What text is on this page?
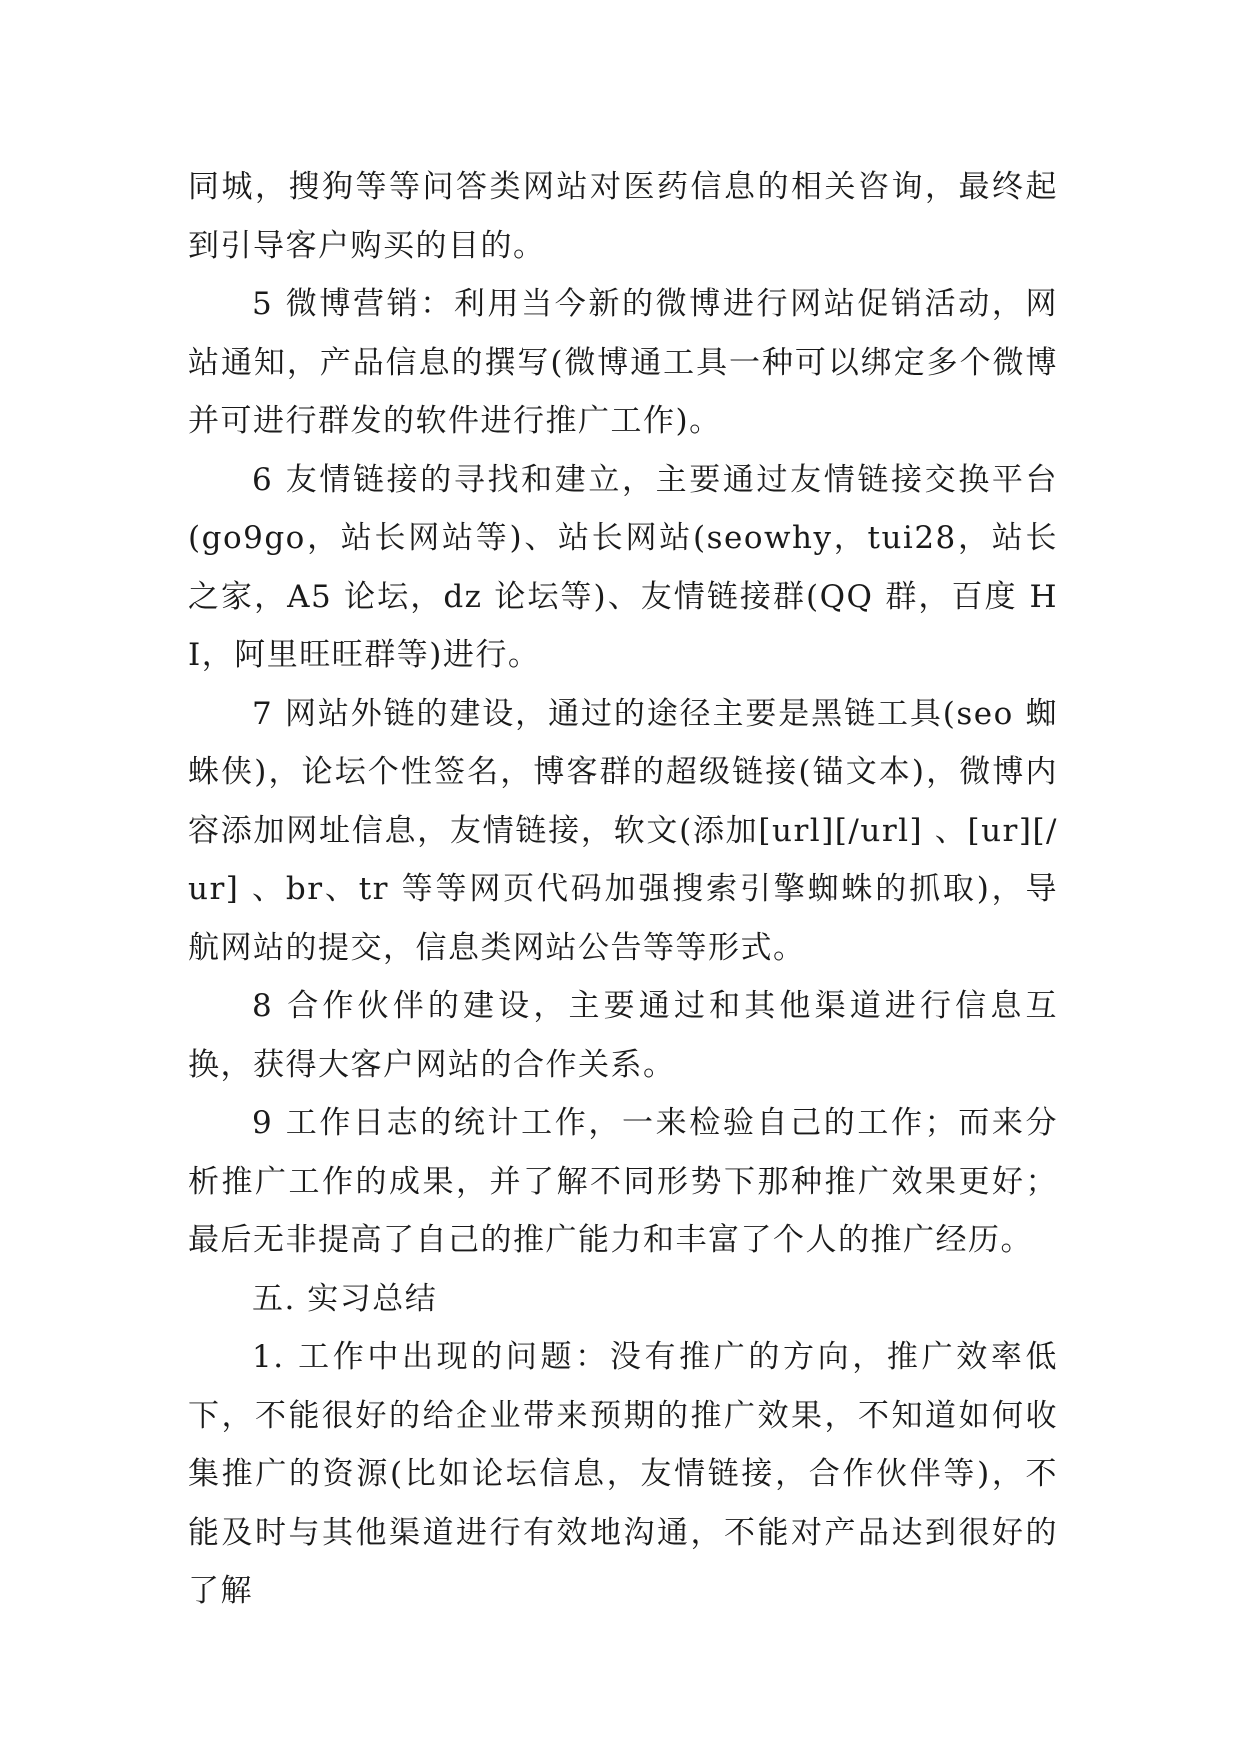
同城，搜狗等等问答类网站对医药信息的相关咨询，最终起到引导客户购买的目的。

5 微博营销：利用当今新的微博进行网站促销活动，网站通知，产品信息的撰写(微博通工具一种可以绑定多个微博并可进行群发的软件进行推广工作)。

6 友情链接的寻找和建立，主要通过友情链接交换平台(go9go，站长网站等)、站长网站(seowhy，tui28，站长之家，A5 论坛，dz 论坛等)、友情链接群(QQ 群，百度 HI，阿里旺旺群等)进行。

7 网站外链的建设，通过的途径主要是黑链工具(seo 蜘蛛侠)，论坛个性签名，博客群的超级链接(锚文本)，微博内容添加网址信息，友情链接，软文(添加[url][/url] 、[ur][/ur] 、br、tr 等等网页代码加强搜索引擎蜘蛛的抓取)，导航网站的提交，信息类网站公告等等形式。

8 合作伙伴的建设，主要通过和其他渠道进行信息互换，获得大客户网站的合作关系。

9 工作日志的统计工作，一来检验自己的工作；而来分析推广工作的成果，并了解不同形势下那种推广效果更好；最后无非提高了自己的推广能力和丰富了个人的推广经历。

五. 实习总结

1. 工作中出现的问题：没有推广的方向，推广效率低下，不能很好的给企业带来预期的推广效果，不知道如何收集推广的资源(比如论坛信息，友情链接，合作伙伴等)，不能及时与其他渠道进行有效地沟通，不能对产品达到很好的了解
